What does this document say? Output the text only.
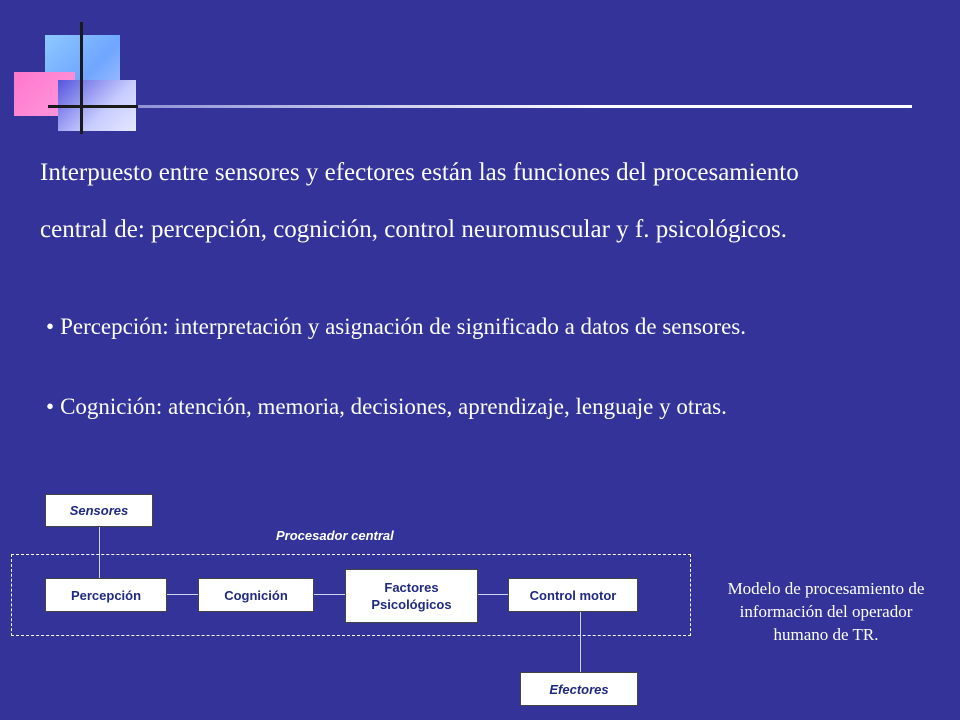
Interpuesto entre sensores y efectores están las funciones del procesamiento
central de: percepción, cognición, control neuromuscular y f. psicológicos.

• Percepción: interpretación y asignación de significado a datos de sensores.

• Cognición: atención, memoria, decisiones, aprendizaje, lenguaje y otras.

Procesador central
Sensores
Percepción	Cognición	Factores
Psicológicos
Control motor
Efectores
Modelo de procesamiento de
información del operador
humano de TR.
